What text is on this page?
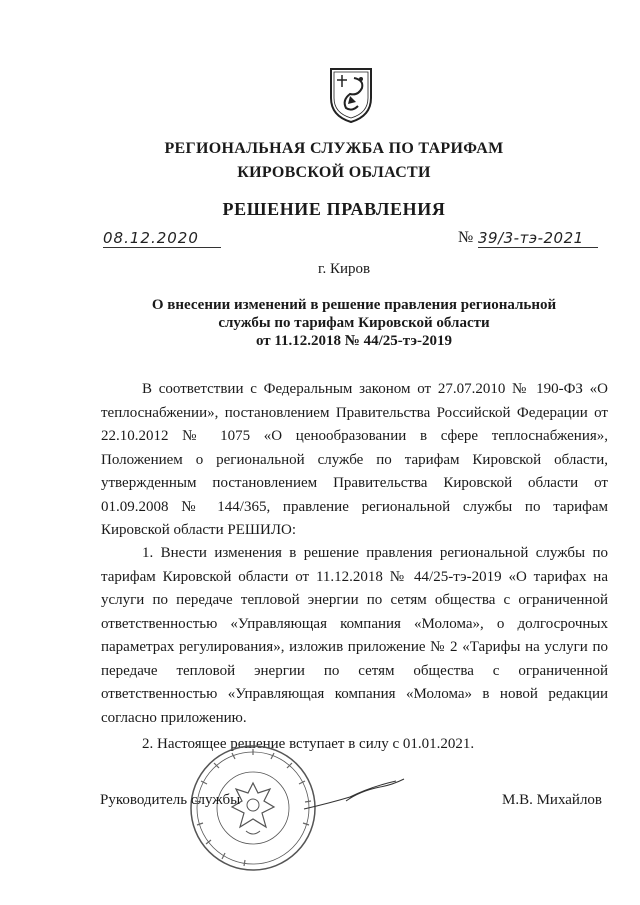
РЕГИОНАЛЬНАЯ СЛУЖБА ПО ТАРИФАМ
КИРОВСКОЙ ОБЛАСТИ
РЕШЕНИЕ ПРАВЛЕНИЯ
08.12.2020	№ 39/3-тэ-2021
г. Киров
О внесении изменений в решение правления региональной
службы по тарифам Кировской области
от 11.12.2018 № 44/25-тэ-2019

В соответствии с Федеральным законом от 27.07.2010 № 190-ФЗ «О теплоснабжении», постановлением Правительства Российской Федерации от 22.10.2012 № 1075 «О ценообразовании в сфере теплоснабжения», Положением о региональной службе по тарифам Кировской области, утвержденным постановлением Правительства Кировской области от 01.09.2008 № 144/365, правление региональной службы по тарифам Кировской области РЕШИЛО:

1. Внести изменения в решение правления региональной службы по тарифам Кировской области от 11.12.2018 № 44/25-тэ-2019 «О тарифах на услуги по передаче тепловой энергии по сетям общества с ограниченной ответственностью «Управляющая компания «Молома», о долгосрочных параметрах регулирования», изложив приложение № 2 «Тарифы на услуги по передаче тепловой энергии по сетям общества с ограниченной ответственностью «Управляющая компания «Молома» в новой редакции согласно приложению.

2. Настоящее решение вступает в силу с 01.01.2021.

Руководитель службы	М.В. Михайлов
